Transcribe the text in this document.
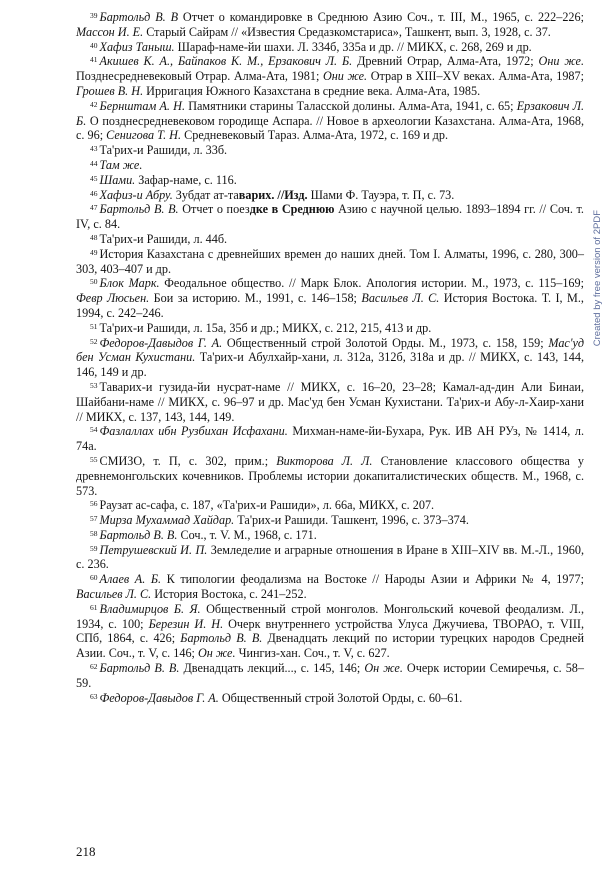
$^{39}$ Бартольд В. В Отчет о командировке в Среднюю Азию Соч., т. III, М., 1965, с. 222–226; Массон И. Е. Старый Сайрам // «Известия Средазкомстариса», Ташкент, вып. 3, 1928, с. 37.

$^{40}$ Хафиз Таныш. Шараф-наме-йи шахи. Л. 334б, 335а и др. // МИКХ, с. 268, 269 и др.

$^{41}$ Акишев К. А., Байпаков К. М., Ерзакович Л. Б. Древний Отрар, Алма-Ата, 1972; Они же. Позднесредневековый Отрар. Алма-Ата, 1981; Они же. Отрар в XIII–XV веках. Алма-Ата, 1987; Грошев В. Н. Ирригация Южного Казахстана в средние века. Алма-Ата, 1985.

$^{42}$ Бернштам А. Н. Памятники старины Таласской долины. Алма-Ата, 1941, с. 65; Ерзакович Л. Б. О позднесредневековом городище Аспара. // Новое в археологии Казахстана. Алма-Ата, 1968, с. 96; Сенигова Т. Н. Средневековый Тараз. Алма-Ата, 1972, с. 169 и др.

$^{43}$ Та'рих-и Рашиди, л. 33б.

$^{44}$ Там же.

$^{45}$ Шами. Зафар-наме, с. 116.

$^{46}$ Хафиз-и Абру. Зубдат ат-таварих. //Изд. Шами Ф. Тауэра, т. П, с. 73.

$^{47}$ Бартольд В. В. Отчет о поездке в Среднюю Азию с научной целью. 1893–1894 гг. // Соч. т. IV, с. 84.

$^{48}$ Та'рих-и Рашиди, л. 44б.

$^{49}$ История Казахстана с древнейших времен до наших дней. Том I. Алматы, 1996, с. 280, 300–303, 403–407 и др.

$^{50}$ Блок Марк. Феодальное общество. // Марк Блок. Апология истории. М., 1973, с. 115–169; Февр Люсьен. Бои за историю. М., 1991, с. 146–158; Васильев Л. С. История Востока. Т. I, М., 1994, с. 242–246.

$^{51}$ Та'рих-и Рашиди, л. 15а, 35б и др.; МИКХ, с. 212, 215, 413 и др.

$^{52}$ Федоров-Давыдов Г. А. Общественный строй Золотой Орды. М., 1973, с. 158, 159; Мас'уд бен Усман Кухистани. Та'рих-и Абулхайр-хани, л. 312а, 312б, 318а и др. // МИКХ, с. 143, 144, 146, 149 и др.

$^{53}$ Таварих-и гузида-йи нусрат-наме // МИКХ, с. 16–20, 23–28; Камал-ад-дин Али Бинаи, Шайбани-наме // МИКХ, с. 96–97 и др. Мас'уд бен Усман Кухистани. Та'рих-и Абу-л-Хаир-хани // МИКХ, с. 137, 143, 144, 149.

$^{54}$ Фазлаллах ибн Рузбихан Исфахани. Михман-наме-йи-Бухара, Рук. ИВ АН РУз, № 1414, л. 74а.

$^{55}$ СМИЗО, т. П, с. 302, прим.; Викторова Л. Л. Становление классового общества у древнемонгольских кочевников. Проблемы истории докапиталистических обществ. М., 1968, с. 573.

$^{56}$ Раузат ас-сафа, с. 187, «Та'рих-и Рашиди», л. 66а, МИКХ, с. 207.

$^{57}$ Мирза Мухаммад Хайдар. Та'рих-и Рашиди. Ташкент, 1996, с. 373–374.

$^{58}$ Бартольд В. В. Соч., т. V. М., 1968, с. 171.

$^{59}$ Петрушевский И. П. Земледелие и аграрные отношения в Иране в XIII–XIV вв. М.-Л., 1960, с. 236.

$^{60}$ Алаев А. Б. К типологии феодализма на Востоке // Народы Азии и Африки № 4, 1977; Васильев Л. С. История Востока, с. 241–252.

$^{61}$ Владимирцов Б. Я. Общественный строй монголов. Монгольский кочевой феодализм. Л., 1934, с. 100; Березин И. Н. Очерк внутреннего устройства Улуса Джучиева, ТВОРАО, т. VIII, СПб, 1864, с. 426; Бартольд В. В. Двенадцать лекций по истории турецких народов Средней Азии. Соч., т. V, с. 146; Он же. Чингиз-хан. Соч., т. V, с. 627.

$^{62}$ Бартольд В. В. Двенадцать лекций..., с. 145, 146; Он же. Очерк истории Семиречья, с. 58–59.

$^{63}$ Федоров-Давыдов Г. А. Общественный строй Золотой Орды, с. 60–61.

218
Created by free version of 2PDF
